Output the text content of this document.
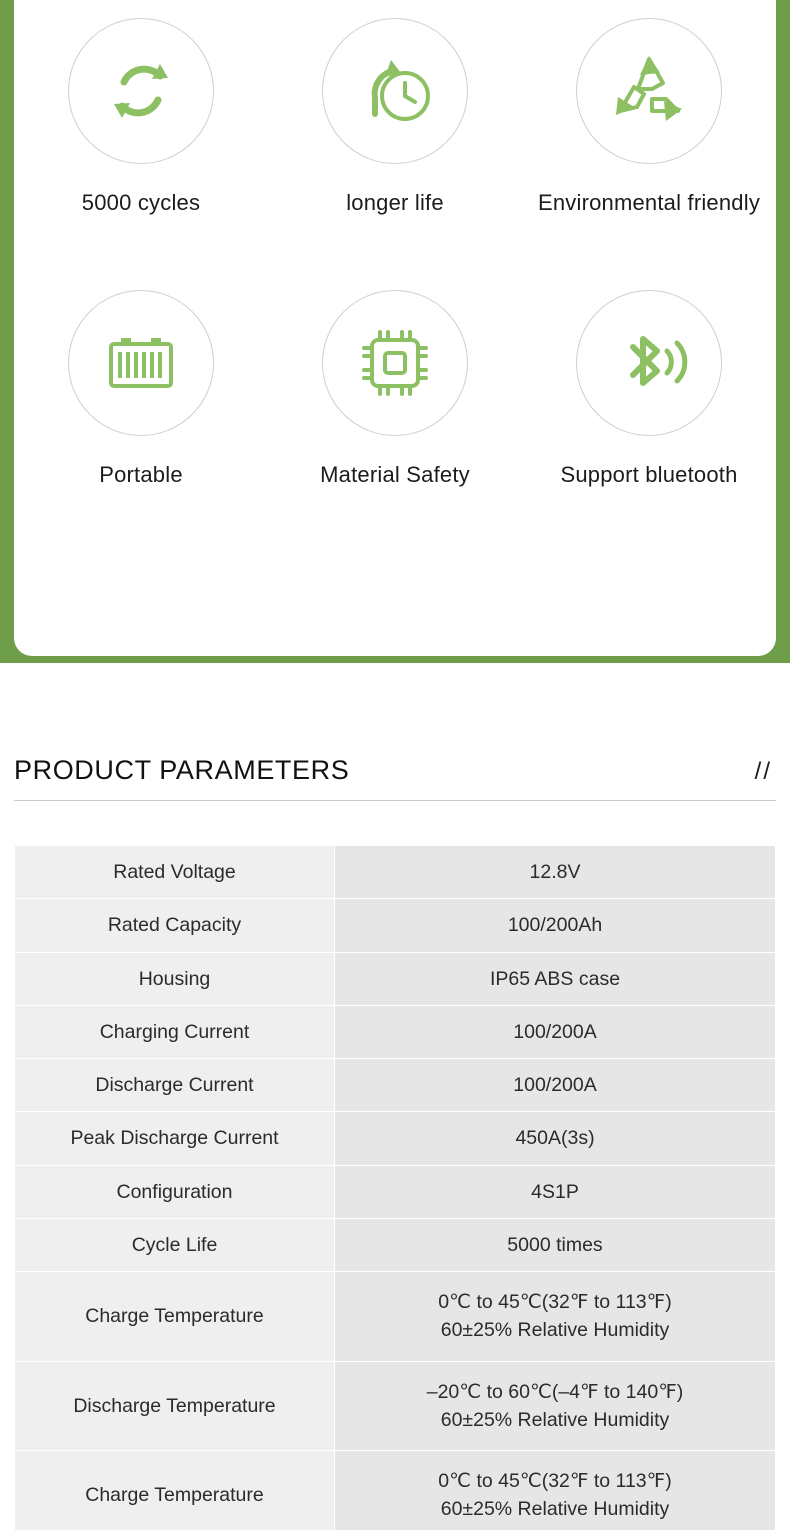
5000 cycles	longer life	Environmental friendly
Portable	Material Safety	Support bluetooth
PRODUCT PARAMETERS	//
Rated Voltage	12.8V
Rated Capacity	100/200Ah
Housing	IP65 ABS case
Charging Current	100/200A
Discharge Current	100/200A
Peak Discharge Current	450A(3s)
Configuration	4S1P
Cycle Life	5000 times
Charge Temperature	0℃ to 45℃(32℉ to 113℉)
60±25% Relative Humidity

Discharge Temperature	–20℃ to 60℃(–4℉ to 140℉)
60±25% Relative Humidity

Charge Temperature	0℃ to 45℃(32℉ to 113℉)
60±25% Relative Humidity
